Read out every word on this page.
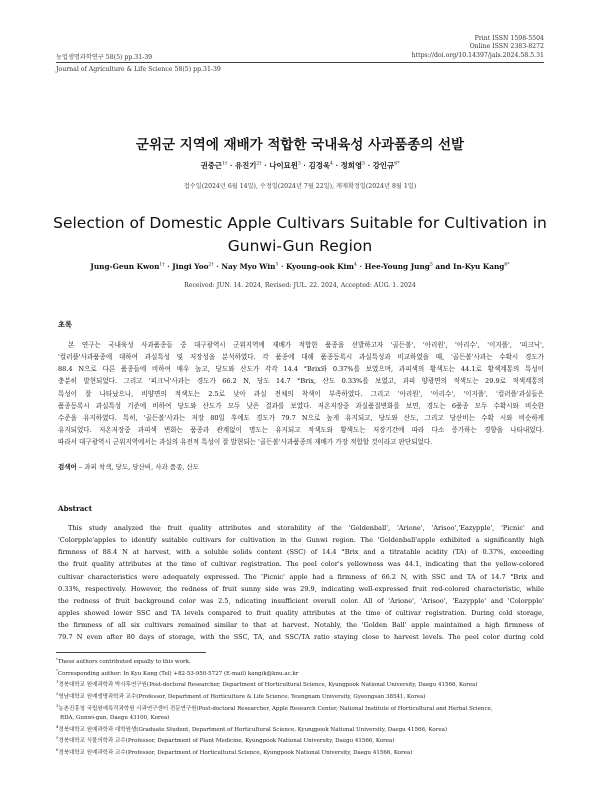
Print ISSN 1598-5504
Online ISSN 2383-8272
농업생명과학연구 58(5) pp.31-39	https://doi.org/10.14397/jals.2024.58.5.31
Journal of Agriculture & Life Science 58(5) pp.31-39
군위군 지역에 재배가 적합한 국내육성 사과품종의 선발
권중근$^{1\dagger}$ · 유진기$^{2\dagger}$ · 나이묘윈$^3$ · 김경욱$^4$ · 정희영$^5$ · 강인규$^{6*}$
접수일(2024년 6월 14일), 수정일(2024년 7월 22일), 게재확정일(2024년 8월 1일)
Selection of Domestic Apple Cultivars Suitable for Cultivation in
Gunwi-Gun Region
Jung-Geun Kwon$^{1\dagger}$ · Jingi Yoo$^{2\dagger}$ · Nay Myo Win$^3$ · Kyoung-ook Kim$^4$ · Hee-Young Jung$^5$ and In-Kyu Kang$^{6*}$
Received: JUN. 14. 2024, Revised: JUL. 22. 2024, Accepted: AUG. 1. 2024
초록
본 연구는 국내육성 사과품종들 중 대구광역시 군위지역에 재배가 적합한 품종을 선발하고자 '골든볼', '아리원', '아리수', '이지플', '피크닉',
'컬러플'사과품종에 대하여 과실특성 및 저장성을 분석하였다. 각 품종에 대해 품종등록시 과실특성과 비교하였을 때, '골든볼'사과는 수확시 경도가
88.4 N으로 다른 품종들에 비하여 매우 높고, 당도와 산도가 각각 14.4 °Brix와 0.37%를 보였으며, 과피색의 황색도는 44.1로 황색계통의 특성이
충분히 발현되었다. 그리고 '피크닉'사과는 경도가 66.2 N, 당도 14.7 °Brix, 산도 0.33%를 보였고, 과피 양광면의 적색도는 29.9로 적색계통의
특성이 잘 나타났으나, 비양면의 적색도는 2.5로 낮아 과실 전체의 착색이 부족하였다. 그리고 '아리원', '아리수', '이지플', '컬러플'과실들은
품종등록시 과실특성 기준에 비하여 당도와 산도가 모두 낮은 결과를 보였다. 저온저장중 과실품질변화를 보면, 경도는 6품종 모두 수확시와 비슷한
수준을 유지하였다. 특히, '골든볼'사과는 저장 80일 후에도 경도가 79.7 N으로 높게 유지되고, 당도와 산도, 그리고 당산비는 수확 시와 비슷하게
유지되었다. 저온저장중 과피색 변화는 품종과 관계없이 명도는 유지되고 적색도와 황색도는 저장기간에 따라 다소 증가하는 경향을 나타내었다.
따라서 대구광역시 군위지역에서는 과실의 유전적 특성이 잘 발현되는 '골든볼'사과품종의 재배가 가장 적합할 것이라고 판단되었다.
검색어 – 과피 착색, 당도, 당산비, 사과 품종, 산도
Abstract
This study analyzed the fruit quality attributes and storability of the 'Goldenball', 'Arione', 'Arisoo','Eazypple', 'Picnic' and
'Colorpple'apples to identify suitable cultivars for cultivation in the Gunwi region. The 'Goldenball'apple exhibited a significantly high
firmness of 88.4 N at harvest, with a soluble solids content (SSC) of 14.4 °Brix and a titratable acidity (TA) of 0.37%, exceeding
the fruit quality attributes at the time of cultivar registration. The peel color's yellowness was 44.1, indicating that the yellow-colored
cultivar characteristics were adequately expressed. The 'Picnic' apple had a firmness of 66.2 N, with SSC and TA of 14.7 °Brix and
0.33%, respectively. However, the redness of fruit sunny side was 29.9, indicating well-expressed fruit red-colored characteristic, while
the redness of fruit background color was 2.5, ndicating insufficient overall color. All of 'Arione', 'Arisoo', 'Eazypple' and 'Colorpple'
apples showed lower SSC and TA levels compared to fruit quality attributes at the time of cultivar registration. During cold storage,
the firmness of all six cultivars remained similar to that at harvest. Notably, the 'Golden Ball' apple maintained a high firmness of
79.7 N even after 80 days of storage, with the SSC, TA, and SSC/TA ratio staying close to harvest levels. The peel color during cold
†These authors contributed equally to this work.
*Corresponding author: In Kyu Kang (Tel) +82-53-950-5727 (E-mail) kangik@knu.ac.kr
$^1$경북대학교 원예과학과 박사후연구원(Post-doctoral Researcher, Department of Horticultural Science, Kyungpook National University, Daegu 41566, Korea)
$^2$영남대학교 원예생명과학과 교수(Professor, Department of Horticulture & Life Science, Yeungnam University, Gyeongsan 38541, Korea)
$^3$농촌진흥청 국립원예특작과학원 사과연구센터 전문연구원(Post-doctoral Researcher, Apple Research Center, National Institute of Horticultural and Herbal Science,
RDA, Gunwi-gun, Daegu 43100, Korea)
$^4$경북대학교 원예과학과 대학원생(Graduate Student, Department of Horticultural Science, Kyungpook National University, Daegu 41566, Korea)
$^5$경북대학교 식물의학과 교수(Professor, Department of Plant Medicine, Kyungpook National University, Daegu 41566, Korea)
$^6$경북대학교 원예과학과 교수(Professor, Department of Horticultural Science, Kyungpook National University, Daegu 41566, Korea)
